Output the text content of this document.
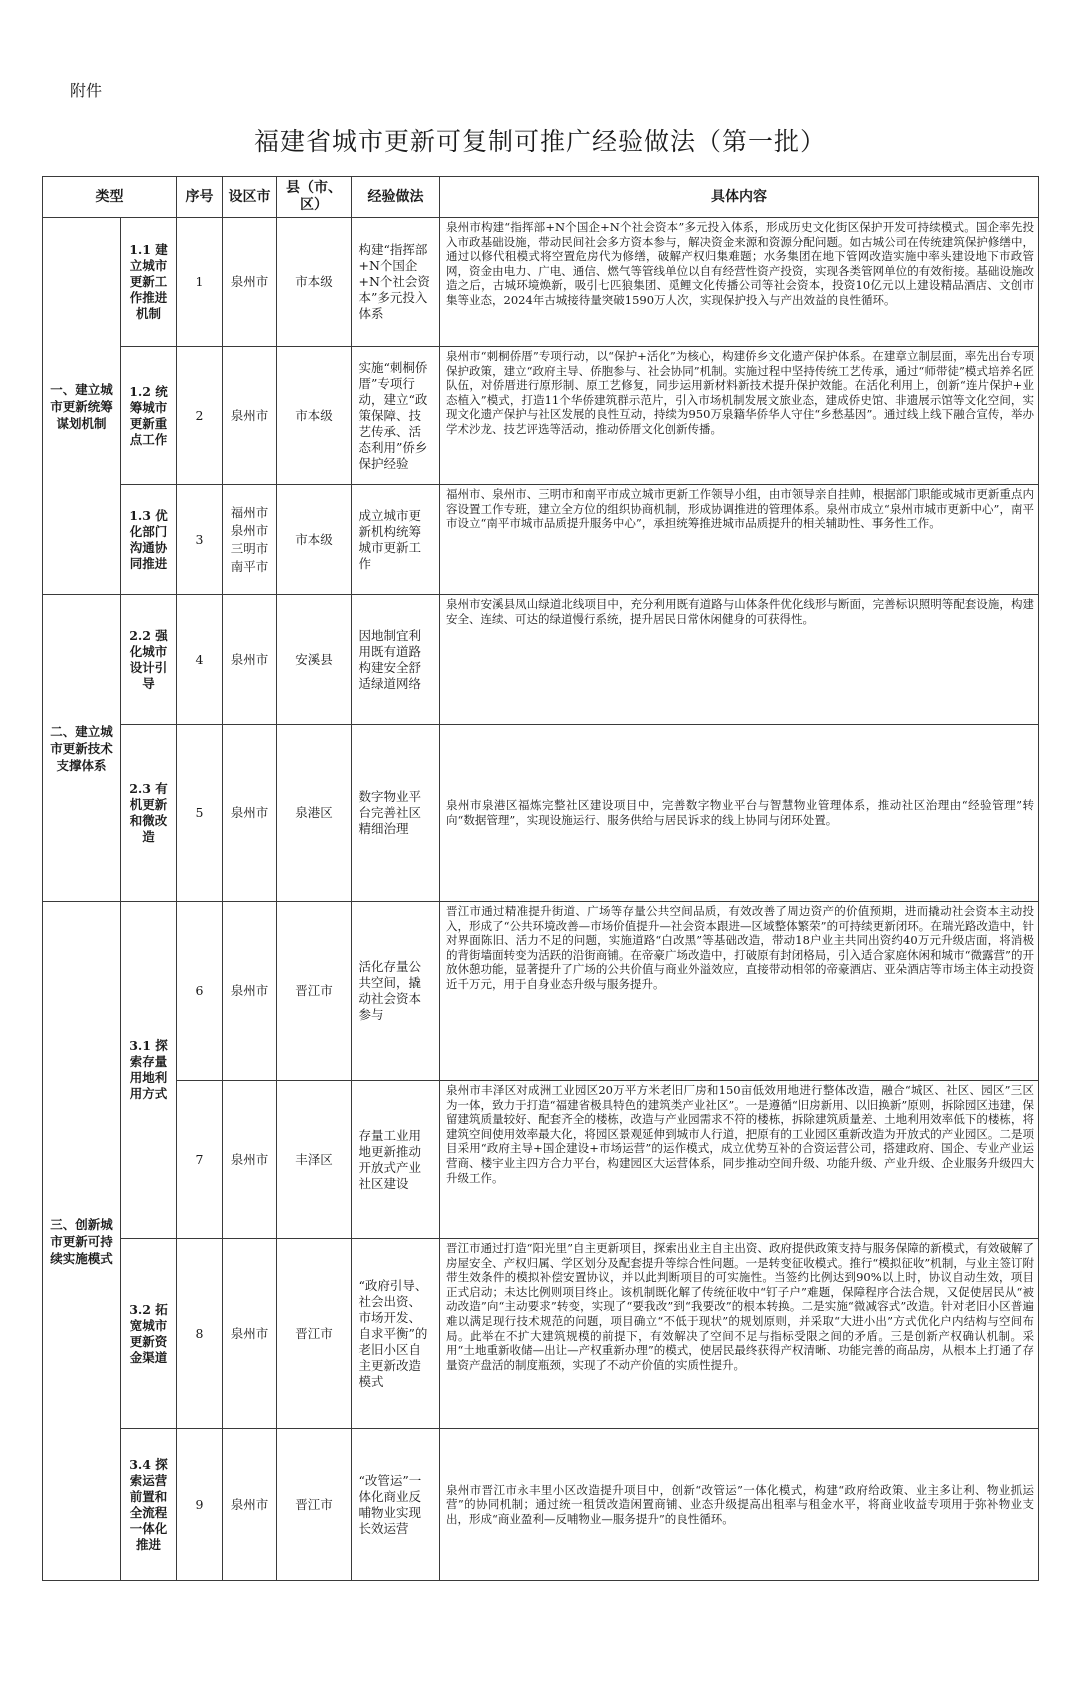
附件
福建省城市更新可复制可推广经验做法（第一批）
类型		序号	设区市	县（市、区）	经验做法	具体内容
一、建立城市更新统筹谋划机制	1.1 建立城市更新工作推进机制	1	泉州市	市本级	构建“指挥部+N个国企+N个社会资本”多元投入体系	泉州市构建“指挥部+N个国企+N个社会资本”多元投入体系，形成历史文化街区保护开发可持续模式。国企率先投入市政基础设施，带动民间社会多方资本参与，解决资金来源和资源分配问题。如古城公司在传统建筑保护修缮中，通过以修代租模式将空置危房代为修缮，破解产权归集难题；水务集团在地下管网改造实施中率头建设地下市政管网，资金由电力、广电、通信、燃气等管线单位以自有经营性资产投资，实现各类管网单位的有效衔接。基础设施改造之后，古城环境焕新，吸引七匹狼集团、觅鲤文化传播公司等社会资本，投资10亿元以上建设精品酒店、文创市集等业态，2024年古城接待量突破1590万人次，实现保护投入与产出效益的良性循环。

	1.2 统筹城市更新重点工作	2	泉州市	市本级	实施“刺桐侨厝”专项行动，建立“政策保障、技艺传承、活态利用”侨乡保护经验	泉州市“刺桐侨厝”专项行动，以“保护+活化”为核心，构建侨乡文化遗产保护体系。在建章立制层面，率先出台专项保护政策，建立“政府主导、侨胞参与、社会协同”机制。实施过程中坚持传统工艺传承，通过“师带徒”模式培养名匠队伍，对侨厝进行原形制、原工艺修复，同步运用新材料新技术提升保护效能。在活化利用上，创新“连片保护+业态植入”模式，打造11个华侨建筑群示范片，引入市场机制发展文旅业态，建成侨史馆、非遗展示馆等文化空间，实现文化遗产保护与社区发展的良性互动，持续为950万泉籍华侨华人守住“乡愁基因”。通过线上线下融合宣传，举办学术沙龙、技艺评选等活动，推动侨厝文化创新传播。

	1.3 优化部门沟通协同推进	3	福州市 泉州市 三明市 南平市	市本级	成立城市更新机构统筹城市更新工作	福州市、泉州市、三明市和南平市成立城市更新工作领导小组，由市领导亲自挂帅，根据部门职能或城市更新重点内容设置工作专班，建立全方位的组织协商机制，形成协调推进的管理体系。泉州市成立“泉州市城市更新中心”，南平市设立“南平市城市品质提升服务中心”，承担统筹推进城市品质提升的相关辅助性、事务性工作。
二、建立城市更新技术支撑体系	2.2 强化城市设计引导	4	泉州市	安溪县	因地制宜利用既有道路构建安全舒适绿道网络	泉州市安溪县凤山绿道北线项目中，充分利用既有道路与山体条件优化线形与断面，完善标识照明等配套设施，构建安全、连续、可达的绿道慢行系统，提升居民日常休闲健身的可获得性。

	2.3 有机更新和微改造	5	泉州市	泉港区	数字物业平台完善社区精细治理	泉州市泉港区福炼完整社区建设项目中，完善数字物业平台与智慧物业管理体系，推动社区治理由“经验管理”转向“数据管理”，实现设施运行、服务供给与居民诉求的线上协同与闭环处置。
三、创新城市更新可持续实施模式	3.1 探索存量用地利用方式	6	泉州市	晋江市	活化存量公共空间，撬动社会资本参与	晋江市通过精准提升街道、广场等存量公共空间品质，有效改善了周边资产的价值预期，进而撬动社会资本主动投入，形成了“公共环境改善—市场价值提升—社会资本跟进—区域整体繁荣”的可持续更新闭环。在瑞光路改造中，针对界面陈旧、活力不足的问题，实施道路“白改黑”等基础改造，带动18户业主共同出资约40万元升级店面，将消极的背街墙面转变为活跃的沿街商铺。在帝豪广场改造中，打破原有封闭格局，引入适合家庭休闲和城市“微露营”的开放休憩功能，显著提升了广场的公共价值与商业外溢效应，直接带动相邻的帝豪酒店、亚朵酒店等市场主体主动投资近千万元，用于自身业态升级与服务提升。
		7	泉州市	丰泽区	存量工业用地更新推动开放式产业社区建设	泉州市丰泽区对成洲工业园区20万平方米老旧厂房和150亩低效用地进行整体改造，融合“城区、社区、园区”三区为一体，致力于打造“福建省极具特色的建筑类产业社区”。一是遵循“旧房新用、以旧换新”原则，拆除园区违建，保留建筑质量较好、配套齐全的楼栋，改造与产业园需求不符的楼栋，拆除建筑质量差、土地利用效率低下的楼栋，将建筑空间使用效率最大化，将园区景观延伸到城市人行道，把原有的工业园区重新改造为开放式的产业园区。二是项目采用“政府主导+国企建设+市场运营”的运作模式，成立优势互补的合资运营公司，搭建政府、国企、专业产业运营商、楼宇业主四方合力平台，构建园区大运营体系，同步推动空间升级、功能升级、产业升级、企业服务升级四大升级工作。

	3.2 拓宽城市更新资金渠道	8	泉州市	晋江市	“政府引导、社会出资、市场开发、自求平衡”的老旧小区自主更新改造模式	晋江市通过打造“阳光里”自主更新项目，探索出业主自主出资、政府提供政策支持与服务保障的新模式，有效破解了房屋安全、产权归属、学区划分及配套提升等综合性问题。一是转变征收模式。推行“模拟征收”机制，与业主签订附带生效条件的模拟补偿安置协议，并以此判断项目的可实施性。当签约比例达到90%以上时，协议自动生效，项目正式启动；未达比例则项目终止。该机制既化解了传统征收中“钉子户”难题，保障程序合法合规，又促使居民从“被动改造”向“主动要求”转变，实现了“要我改”到“我要改”的根本转换。二是实施“微减容式”改造。针对老旧小区普遍难以满足现行技术规范的问题，项目确立“不低于现状”的规划原则，并采取“大进小出”方式优化户内结构与空间布局。此举在不扩大建筑规模的前提下，有效解决了空间不足与指标受限之间的矛盾。三是创新产权确认机制。采用“土地重新收储—出让—产权重新办理”的模式，使居民最终获得产权清晰、功能完善的商品房，从根本上打通了存量资产盘活的制度瓶颈，实现了不动产价值的实质性提升。

	3.4 探索运营前置和全流程一体化推进	9	泉州市	晋江市	“改管运”一体化商业反哺物业实现长效运营	泉州市晋江市永丰里小区改造提升项目中，创新“改管运”一体化模式，构建“政府给政策、业主多让利、物业抓运营”的协同机制；通过统一租赁改造闲置商铺、业态升级提高出租率与租金水平，将商业收益专项用于弥补物业支出，形成“商业盈利—反哺物业—服务提升”的良性循环。
